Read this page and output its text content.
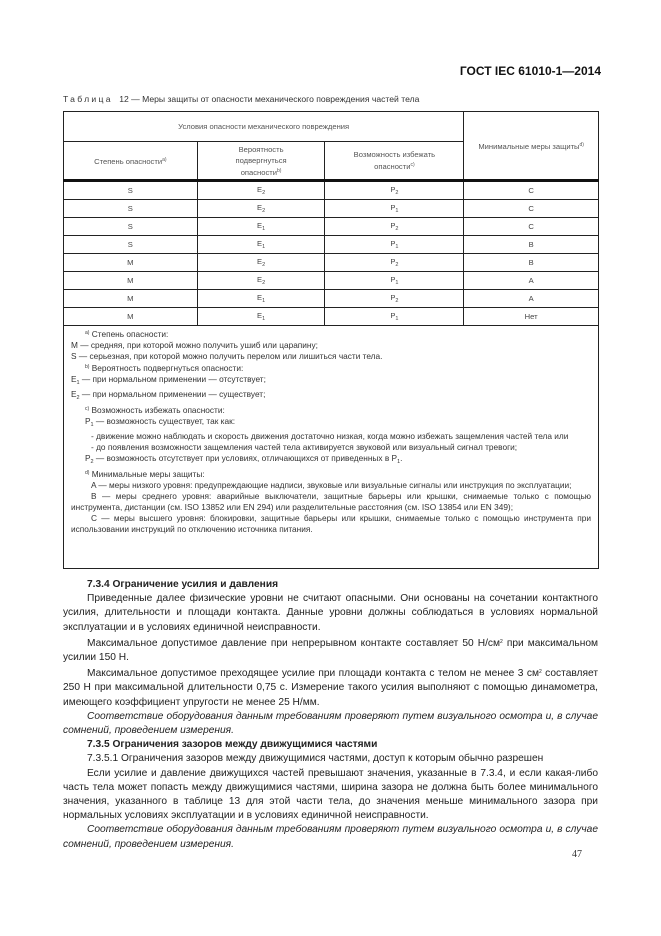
ГОСТ IEC 61010-1—2014
Таблица 12 — Меры защиты от опасности механического повреждения частей тела
Условия опасности механического повреждения			Минимальные меры защиты$^{d)}$
Степень опасности$^{a)}$	Вероятность подвергнуться опасности$^{b)}$	Возможность избежать опасности$^{c)}$
S	$E_2$	$P_2$	C
S	$E_2$	$P_1$	C
S	$E_1$	$P_2$	C
S	$E_1$	$P_1$	B
M	$E_2$	$P_2$	B
M	$E_2$	$P_1$	A
M	$E_1$	$P_2$	A
M	$E_1$	$P_1$	Нет

$^{a)}$ Степень опасности:

M — средняя, при которой можно получить ушиб или царапину;

S — серьезная, при которой можно получить перелом или лишиться части тела.

$^{b)}$ Вероятность подвергнуться опасности:

$E_1$ — при нормальном применении — отсутствует;

$E_2$ — при нормальном применении — существует;

$^{c)}$ Возможность избежать опасности:

$P_1$ — возможность существует, так как:

- движение можно наблюдать и скорость движения достаточно низкая, когда можно избежать защемления частей тела или

- до появления возможности защемления частей тела активируется звуковой или визуальный сигнал тревоги;

$P_2$ — возможность отсутствует при условиях, отличающихся от приведенных в $P_1$.

$^{d)}$ Минимальные меры защиты:

A — меры низкого уровня: предупреждающие надписи, звуковые или визуальные сигналы или инструкция по эксплуатации;

B — меры среднего уровня: аварийные выключатели, защитные барьеры или крышки, снимаемые только с помощью инструмента, дистанции (см. ISO 13852 или EN 294) или разделительные расстояния (см. ISO 13854 или EN 349);

C — меры высшего уровня: блокировки, защитные барьеры или крышки, снимаемые только с помощью инструмента при использовании инструкций по отключению источника питания.

7.3.4 Ограничение усилия и давления

Приведенные далее физические уровни не считают опасными. Они основаны на сочетании контактного усилия, длительности и площади контакта. Данные уровни должны соблюдаться в условиях нормальной эксплуатации и в условиях единичной неисправности.

Максимальное допустимое давление при непрерывном контакте составляет 50 $Н/см^2$ при максимальном усилии 150 Н.

Максимальное допустимое преходящее усилие при площади контакта с телом не менее 3 $см^2$ составляет 250 Н при максимальной длительности 0,75 с. Измерение такого усилия выполняют с помощью динамометра, имеющего коэффициент упругости не менее 25 Н/мм.

Соответствие оборудования данным требованиям проверяют путем визуального осмотра и, в случае сомнений, проведением измерения.

7.3.5 Ограничения зазоров между движущимися частями

7.3.5.1 Ограничения зазоров между движущимися частями, доступ к которым обычно разрешен

Если усилие и давление движущихся частей превышают значения, указанные в 7.3.4, и если какая-либо часть тела может попасть между движущимися частями, ширина зазора не должна быть более минимального значения, указанного в таблице 13 для этой части тела, до значения меньше минимального зазора при нормальных условиях эксплуатации и в условиях единичной неисправности.

Соответствие оборудования данным требованиям проверяют путем визуального осмотра и, в случае сомнений, проведением измерения.

47
